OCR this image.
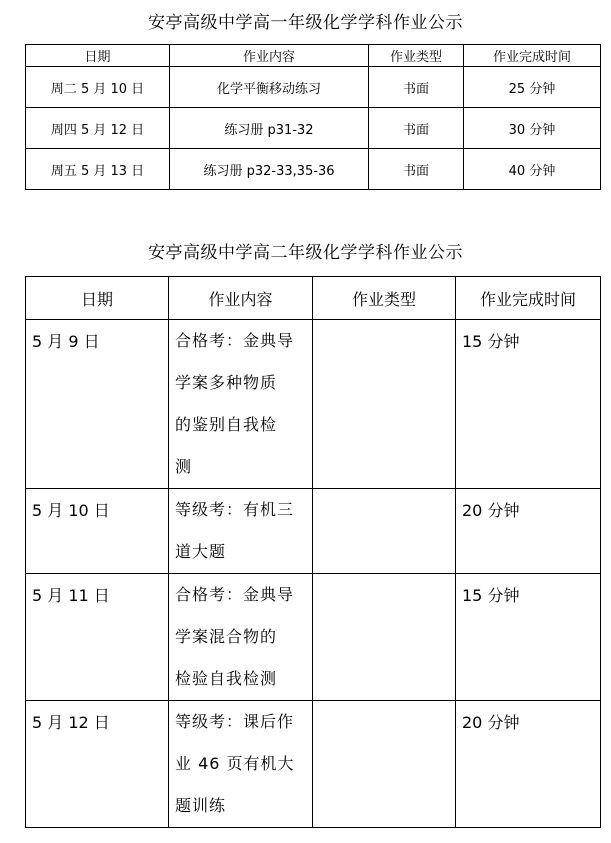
安亭高级中学高一年级化学学科作业公示
日期	作业内容	作业类型	作业完成时间
周二 5 月 10 日	化学平衡移动练习	书面	25 分钟
周四 5 月 12 日	练习册 p31-32	书面	30 分钟
周五 5 月 13 日	练习册 p32-33,35-36	书面	40 分钟
安亭高级中学高二年级化学学科作业公示
日期	作业内容	作业类型	作业完成时间
5 月 9 日	合格考：金典导
学案多种物质
的鉴别自我检
测		15 分钟
5 月 10 日	等级考：有机三
道大题		20 分钟
5 月 11 日	合格考：金典导
学案混合物的
检验自我检测		15 分钟
5 月 12 日	等级考：课后作
业 46 页有机大
题训练		20 分钟
